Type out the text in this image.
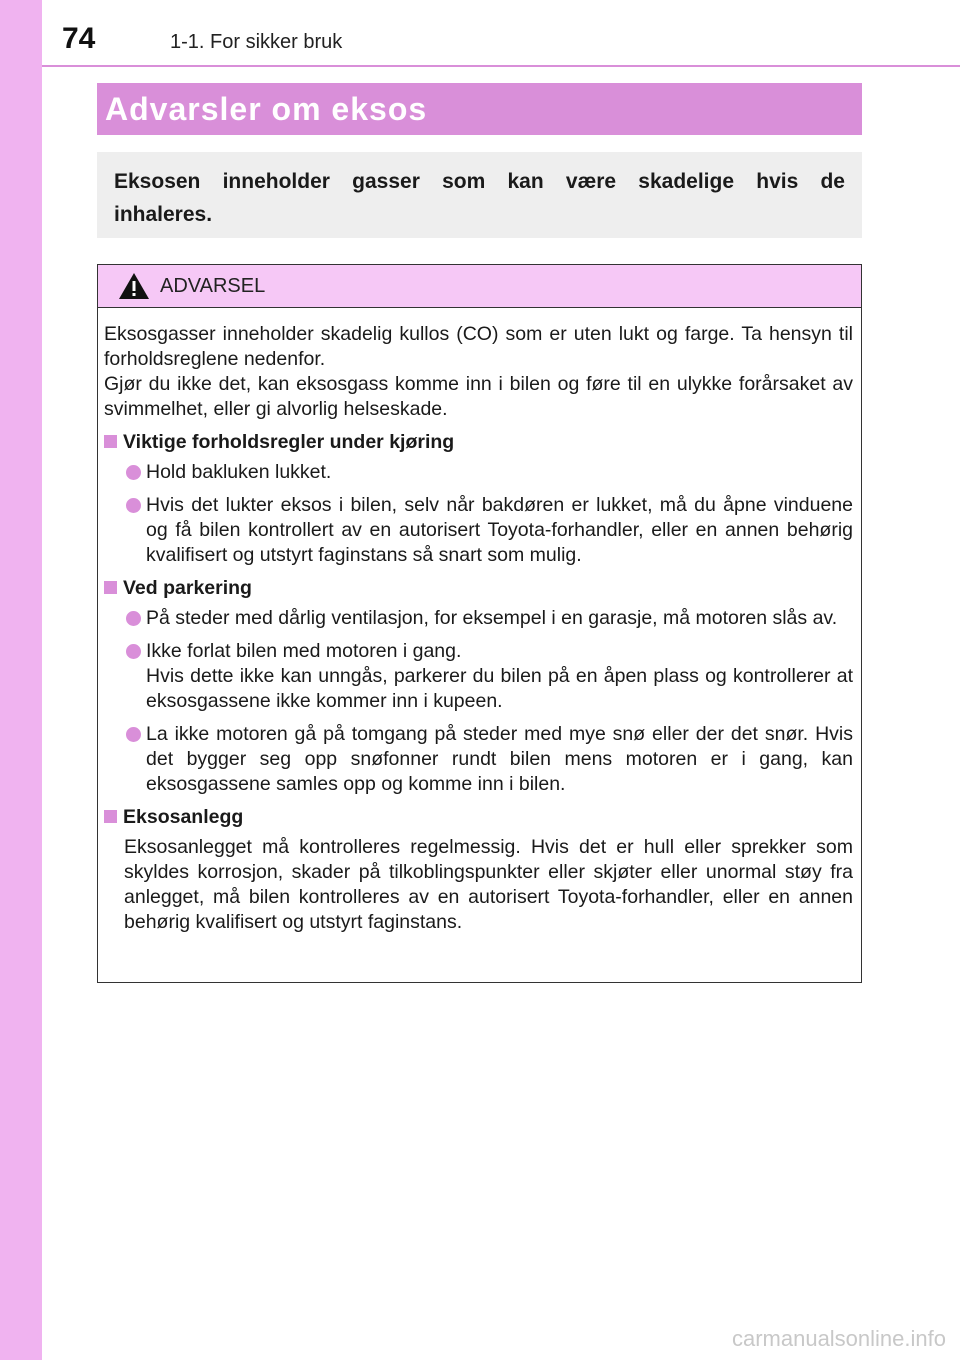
74	1-1. For sikker bruk
Advarsler om eksos
Eksosen inneholder gasser som kan være skadelige hvis de inhaleres.
ADVARSEL
Eksosgasser inneholder skadelig kullos (CO) som er uten lukt og farge. Ta hensyn til forholdsreglene nedenfor.
Gjør du ikke det, kan eksosgass komme inn i bilen og føre til en ulykke forårsaket av svimmelhet, eller gi alvorlig helseskade.
Viktige forholdsregler under kjøring
Hold bakluken lukket.
Hvis det lukter eksos i bilen, selv når bakdøren er lukket, må du åpne vinduene og få bilen kontrollert av en autorisert Toyota-forhandler, eller en annen behørig kvalifisert og utstyrt faginstans så snart som mulig.
Ved parkering
På steder med dårlig ventilasjon, for eksempel i en garasje, må motoren slås av.
Ikke forlat bilen med motoren i gang.
Hvis dette ikke kan unngås, parkerer du bilen på en åpen plass og kontrollerer at eksosgassene ikke kommer inn i kupeen.
La ikke motoren gå på tomgang på steder med mye snø eller der det snør. Hvis det bygger seg opp snøfonner rundt bilen mens motoren er i gang, kan eksosgassene samles opp og komme inn i bilen.
Eksosanlegg
Eksosanlegget må kontrolleres regelmessig. Hvis det er hull eller sprekker som skyldes korrosjon, skader på tilkoblingspunkter eller skjøter eller unormal støy fra anlegget, må bilen kontrolleres av en autorisert Toyota-forhandler, eller en annen behørig kvalifisert og utstyrt faginstans.
carmanualsonline.info
